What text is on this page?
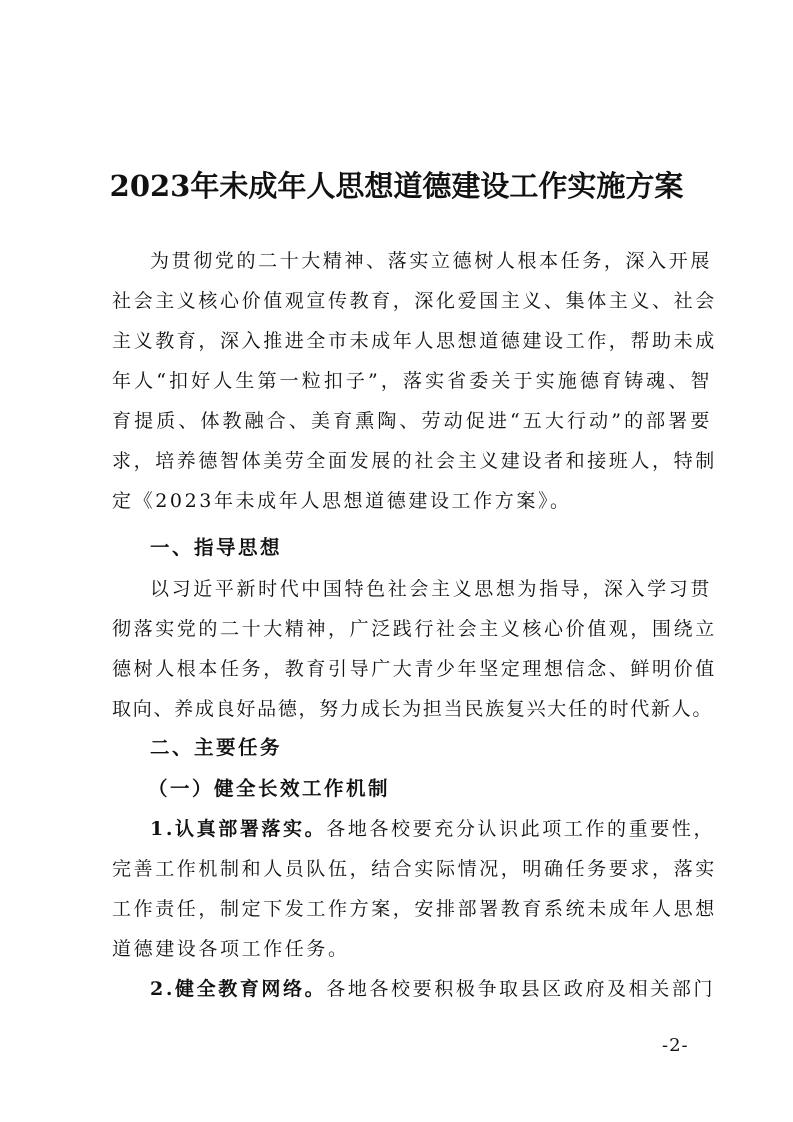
2023年未成年人思想道德建设工作实施方案
为贯彻党的二十大精神、落实立德树人根本任务，深入开展
社会主义核心价值观宣传教育，深化爱国主义、集体主义、社会
主义教育，深入推进全市未成年人思想道德建设工作，帮助未成
年人“扣好人生第一粒扣子”，落实省委关于实施德育铸魂、智
育提质、体教融合、美育熏陶、劳动促进“五大行动”的部署要
求，培养德智体美劳全面发展的社会主义建设者和接班人，特制
定《2023年未成年人思想道德建设工作方案》。
一、指导思想
以习近平新时代中国特色社会主义思想为指导，深入学习贯
彻落实党的二十大精神，广泛践行社会主义核心价值观，围绕立
德树人根本任务，教育引导广大青少年坚定理想信念、鲜明价值
取向、养成良好品德，努力成长为担当民族复兴大任的时代新人。
二、主要任务
（一）健全长效工作机制
1.认真部署落实。各地各校要充分认识此项工作的重要性，
完善工作机制和人员队伍，结合实际情况，明确任务要求，落实
工作责任，制定下发工作方案，安排部署教育系统未成年人思想
道德建设各项工作任务。
2.健全教育网络。各地各校要积极争取县区政府及相关部门
-2-
